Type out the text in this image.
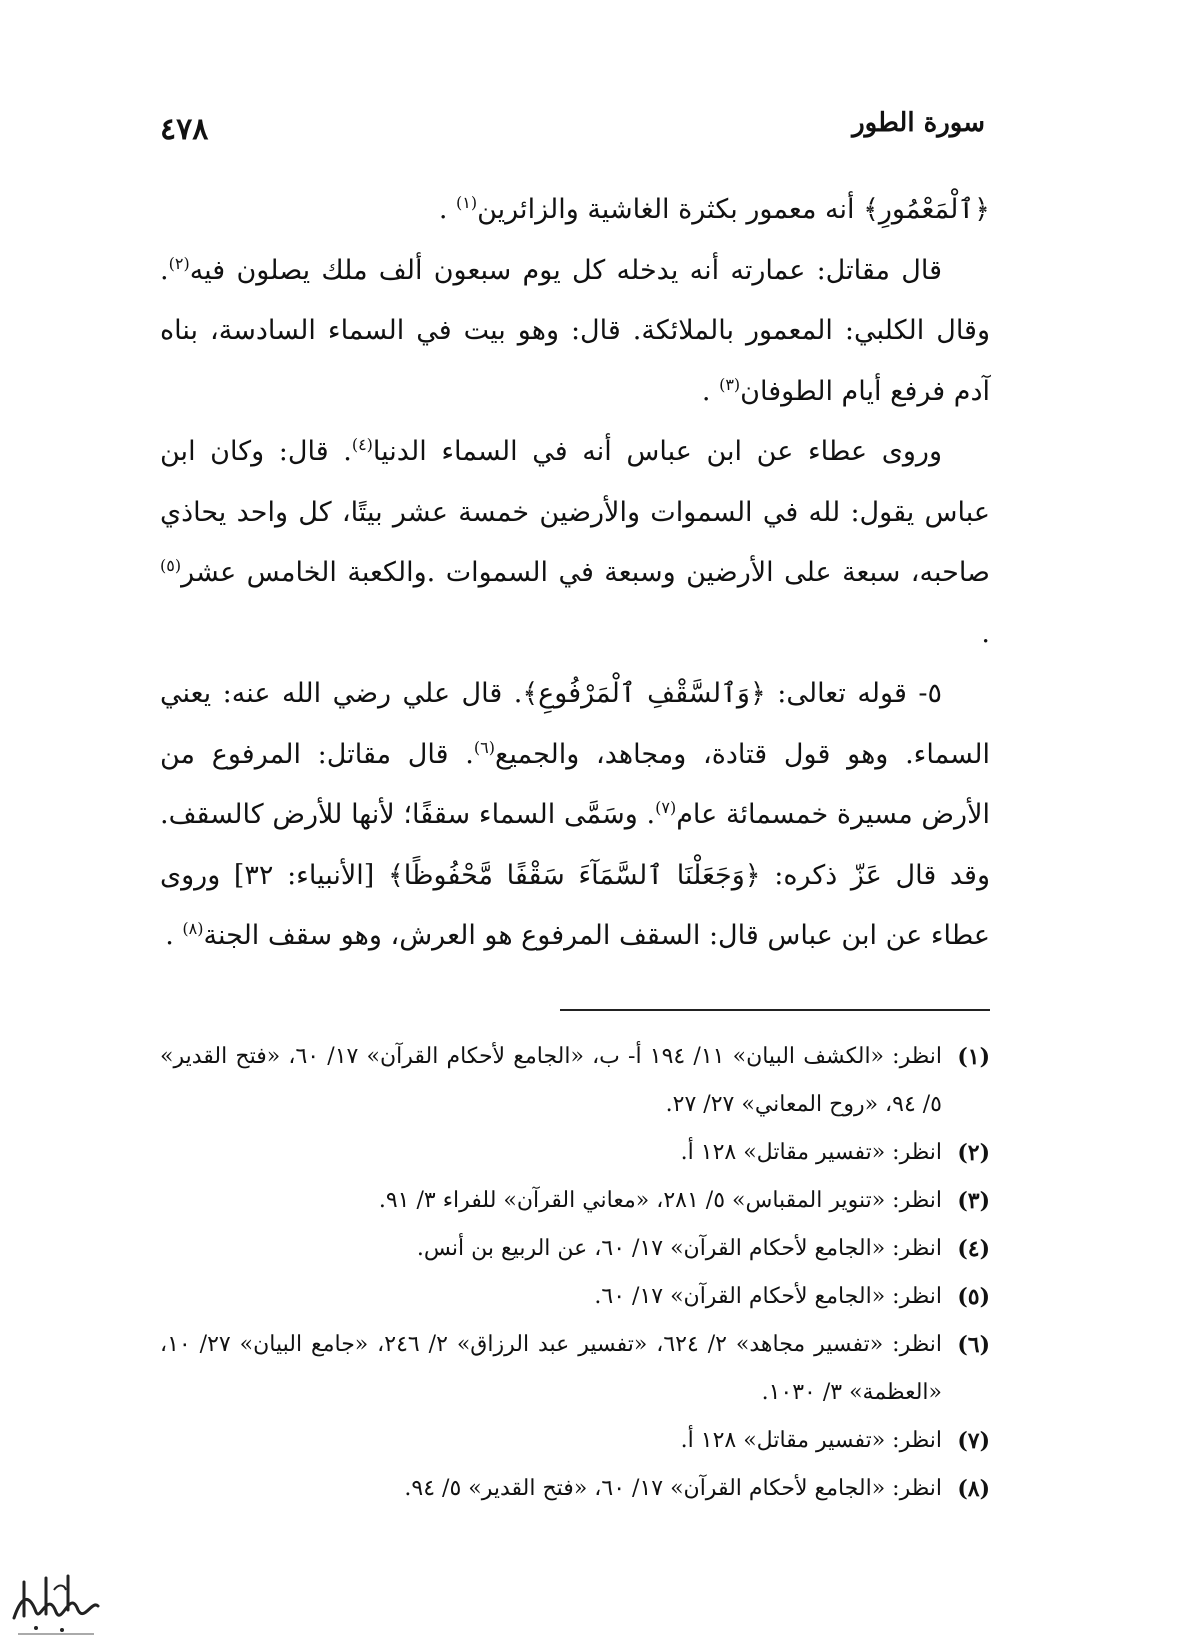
سورة الطور
٤٧٨

﴿ٱلْمَعْمُورِ﴾ أنه معمور بكثرة الغاشية والزائرين$^{(١)}$ .

قال مقاتل: عمارته أنه يدخله كل يوم سبعون ألف ملك يصلون فيه$^{(٢)}$. وقال الكلبي: المعمور بالملائكة. قال: وهو بيت في السماء السادسة، بناه آدم فرفع أيام الطوفان$^{(٣)}$ .

وروى عطاء عن ابن عباس أنه في السماء الدنيا$^{(٤)}$. قال: وكان ابن عباس يقول: لله في السموات والأرضين خمسة عشر بيتًا، كل واحد يحاذي صاحبه، سبعة على الأرضين وسبعة في السموات .والكعبة الخامس عشر$^{(٥)}$ .

٥- قوله تعالى: ﴿وَٱلسَّقْفِ ٱلْمَرْفُوعِ﴾. قال علي رضي الله عنه: يعني السماء. وهو قول قتادة، ومجاهد، والجميع$^{(٦)}$. قال مقاتل: المرفوع من الأرض مسيرة خمسمائة عام$^{(٧)}$. وسَمَّى السماء سقفًا؛ لأنها للأرض كالسقف. وقد قال عَزّ ذكره: ﴿وَجَعَلْنَا ٱلسَّمَآءَ سَقْفًا مَّحْفُوظًا﴾ [الأنبياء: ٣٢] وروى عطاء عن ابن عباس قال: السقف المرفوع هو العرش، وهو سقف الجنة$^{(٨)}$ .

(١)
انظر: «الكشف البيان» ١١/ ١٩٤ أ- ب، «الجامع لأحكام القرآن» ١٧/ ٦٠، «فتح القدير» ٥/ ٩٤، «روح المعاني» ٢٧/ ٢٧.
(٢)
انظر: «تفسير مقاتل» ١٢٨ أ.
(٣)
انظر: «تنوير المقباس» ٥/ ٢٨١، «معاني القرآن» للفراء ٣/ ٩١.
(٤)
انظر: «الجامع لأحكام القرآن» ١٧/ ٦٠، عن الربيع بن أنس.
(٥)
انظر: «الجامع لأحكام القرآن» ١٧/ ٦٠.
(٦)
انظر: «تفسير مجاهد» ٢/ ٦٢٤، «تفسير عبد الرزاق» ٢/ ٢٤٦، «جامع البيان» ٢٧/ ١٠، «العظمة» ٣/ ١٠٣٠.
(٧)
انظر: «تفسير مقاتل» ١٢٨ أ.
(٨)
انظر: «الجامع لأحكام القرآن» ١٧/ ٦٠، «فتح القدير» ٥/ ٩٤.
